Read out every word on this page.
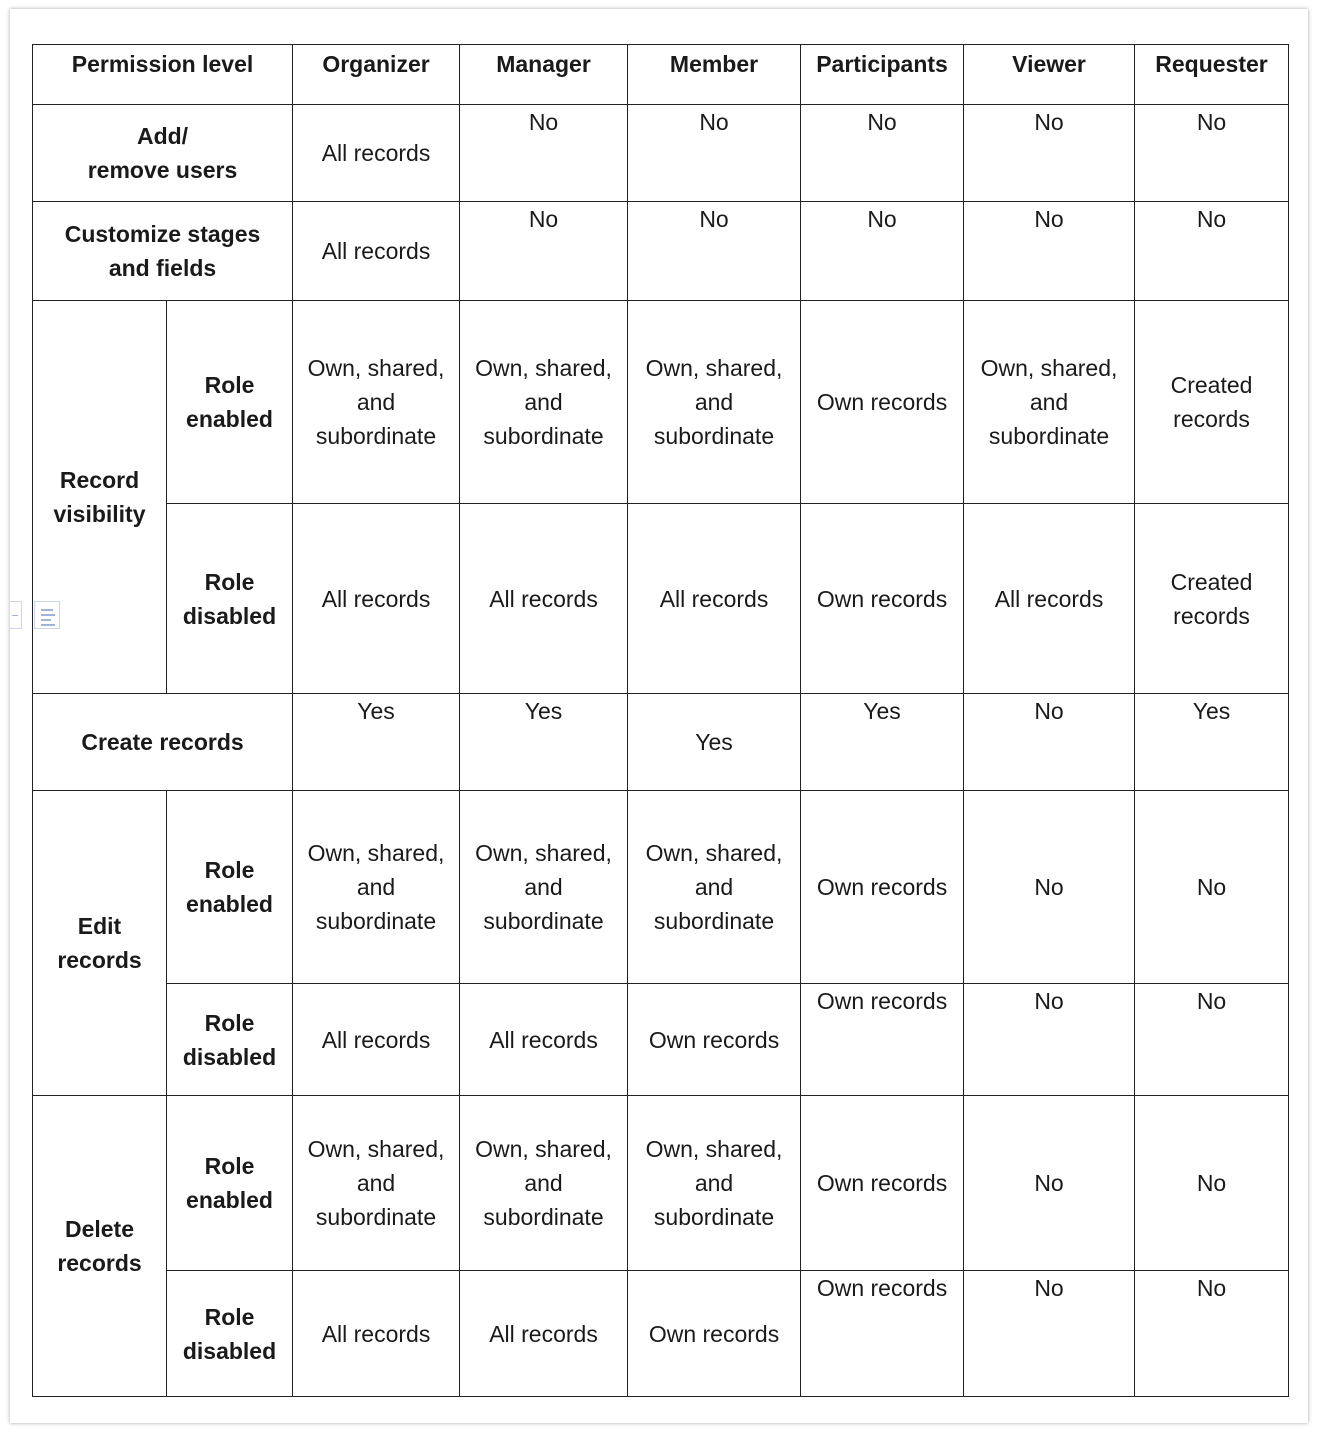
Permission level		Organizer	Manager	Member	Participants	Viewer	Requester
Add/
remove users		All records	No	No	No	No	No
Customize stages
and fields		All records	No	No	No	No	No
Record
visibility	Role
enabled	Own, shared,
and
subordinate	Own, shared,
and
subordinate	Own, shared,
and
subordinate	Own records	Own, shared,
and
subordinate	Created
records
	Role
disabled	All records	All records	All records	Own records	All records	Created
records
Create records		Yes	Yes	Yes	Yes	No	Yes
Edit
records	Role
enabled	Own, shared,
and
subordinate	Own, shared,
and
subordinate	Own, shared,
and
subordinate	Own records	No	No
	Role
disabled	All records	All records	Own records	Own records	No	No
Delete
records	Role
enabled	Own, shared,
and
subordinate	Own, shared,
and
subordinate	Own, shared,
and
subordinate	Own records	No	No
	Role
disabled	All records	All records	Own records	Own records	No	No
